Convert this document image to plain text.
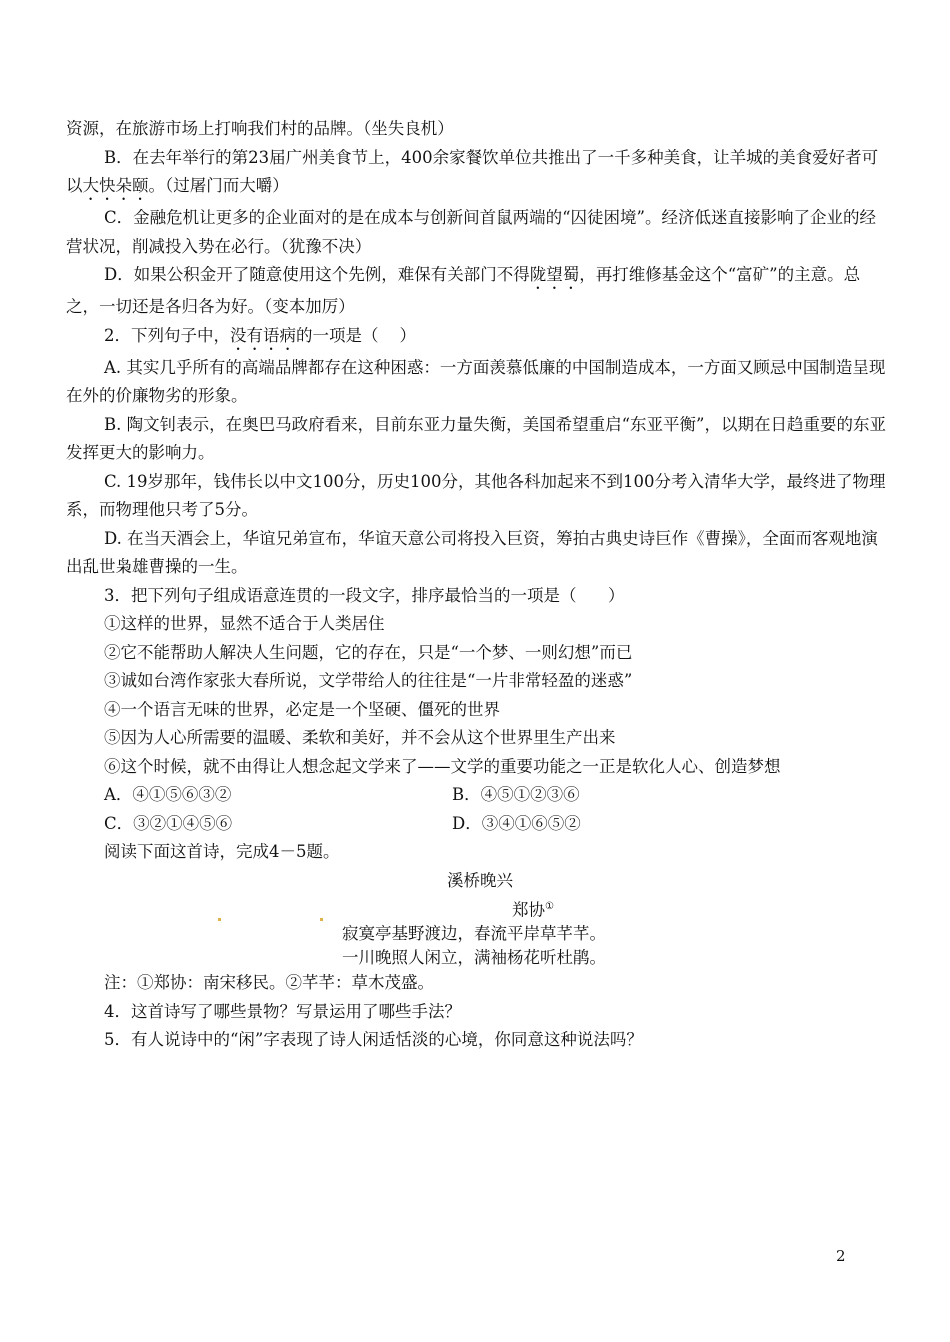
资源，在旅游市场上打响我们村的品牌。（坐失良机）

B．在去年举行的第23届广州美食节上，400余家餐饮单位共推出了一千多种美食，让羊城的美食爱好者可以大快朵颐。（过屠门而大嚼）

C．金融危机让更多的企业面对的是在成本与创新间首鼠两端的“囚徒困境”。经济低迷直接影响了企业的经营状况，削减投入势在必行。（犹豫不决）

D．如果公积金开了随意使用这个先例，难保有关部门不得陇望蜀，再打维修基金这个“富矿”的主意。总之，一切还是各归各为好。（变本加厉）

2．下列句子中，没有语病的一项是（    ）

A. 其实几乎所有的高端品牌都存在这种困惑：一方面羡慕低廉的中国制造成本，一方面又顾忌中国制造呈现在外的价廉物劣的形象。

B. 陶文钊表示，在奥巴马政府看来，目前东亚力量失衡，美国希望重启“东亚平衡”，以期在日趋重要的东亚发挥更大的影响力。

C. 19岁那年，钱伟长以中文100分，历史100分，其他各科加起来不到100分考入清华大学，最终进了物理系，而物理他只考了5分。

D. 在当天酒会上，华谊兄弟宣布，华谊天意公司将投入巨资，筹拍古典史诗巨作《曹操》，全面而客观地演出乱世枭雄曹操的一生。

3．把下列句子组成语意连贯的一段文字，排序最恰当的一项是（      ）

①这样的世界，显然不适合于人类居住

②它不能帮助人解决人生问题，它的存在，只是“一个梦、一则幻想”而已

③诚如台湾作家张大春所说，文学带给人的往往是“一片非常轻盈的迷惑”

④一个语言无味的世界，必定是一个坚硬、僵死的世界

⑤因为人心所需要的温暖、柔软和美好，并不会从这个世界里生产出来

⑥这个时候，就不由得让人想念起文学来了——文学的重要功能之一正是软化人心、创造梦想

A．④①⑤⑥③②	B．④⑤①②③⑥
C．③②①④⑤⑥	D．③④①⑥⑤②

阅读下面这首诗，完成4－5题。

溪桥晚兴
郑协①
寂寞亭基野渡边，春流平岸草芊芊。
一川晚照人闲立，满袖杨花听杜鹃。

注：①郑协：南宋移民。②芊芊：草木茂盛。

4．这首诗写了哪些景物？写景运用了哪些手法？

5．有人说诗中的“闲”字表现了诗人闲适恬淡的心境，你同意这种说法吗？

2
